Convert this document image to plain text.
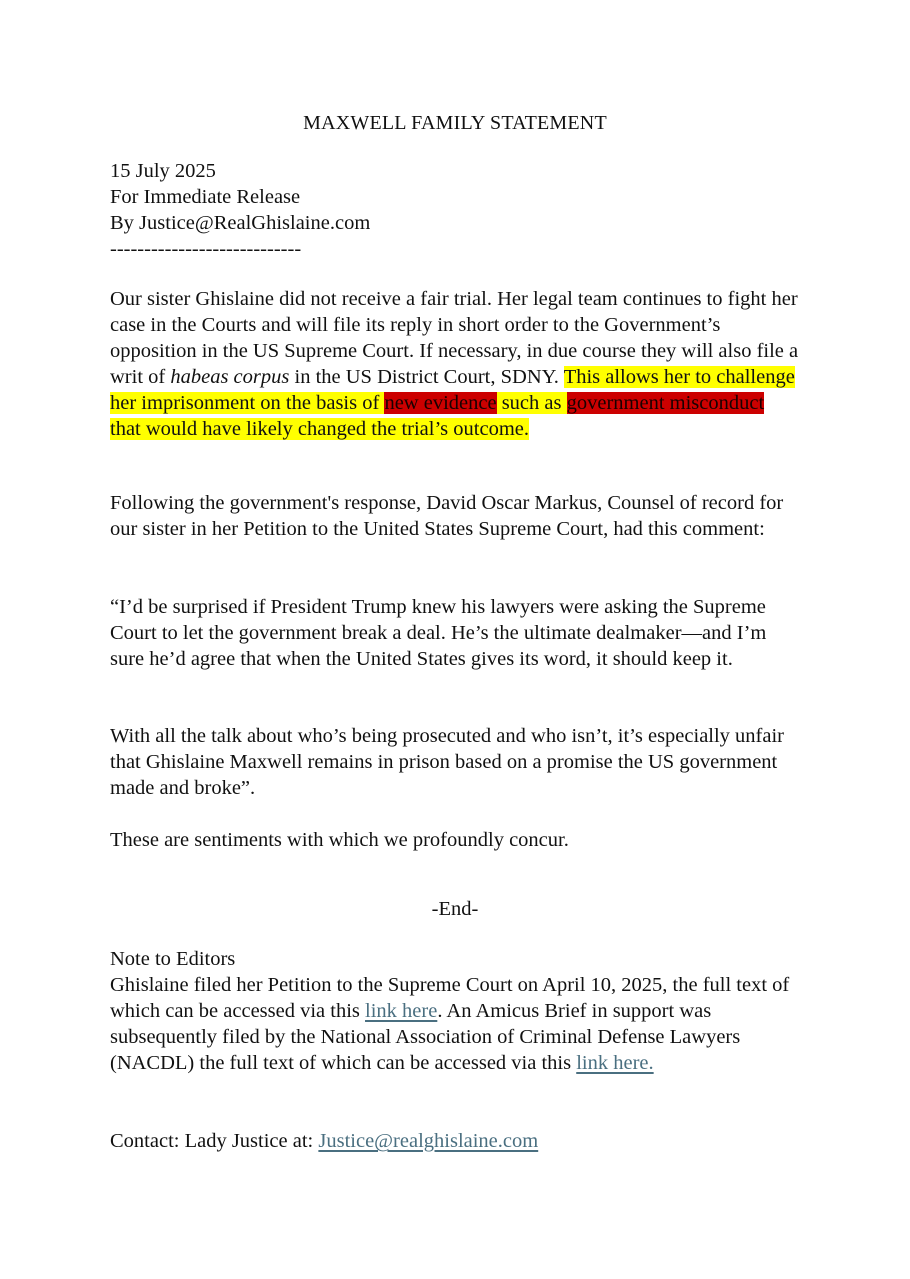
MAXWELL FAMILY STATEMENT

15 July 2025

For Immediate Release

By Justice@RealGhislaine.com

----------------------------

Our sister Ghislaine did not receive a fair trial. Her legal team continues to fight her case in the Courts and will file its reply in short order to the Government’s opposition in the US Supreme Court. If necessary, in due course they will also file a writ of habeas corpus in the US District Court, SDNY. This allows her to challenge her imprisonment on the basis of new evidence such as government misconduct that would have likely changed the trial’s outcome.

Following the government's response, David Oscar Markus, Counsel of record for our sister in her Petition to the United States Supreme Court, had this comment:

“I’d be surprised if President Trump knew his lawyers were asking the Supreme Court to let the government break a deal. He’s the ultimate dealmaker—and I’m sure he’d agree that when the United States gives its word, it should keep it.

With all the talk about who’s being prosecuted and who isn’t, it’s especially unfair that Ghislaine Maxwell remains in prison based on a promise the US government made and broke”.

These are sentiments with which we profoundly concur.

-End-

Note to Editors

Ghislaine filed her Petition to the Supreme Court on April 10, 2025, the full text of which can be accessed via this link here. An Amicus Brief in support was subsequently filed by the National Association of Criminal Defense Lawyers (NACDL) the full text of which can be accessed via this link here.

Contact: Lady Justice at: Justice@realghislaine.com
